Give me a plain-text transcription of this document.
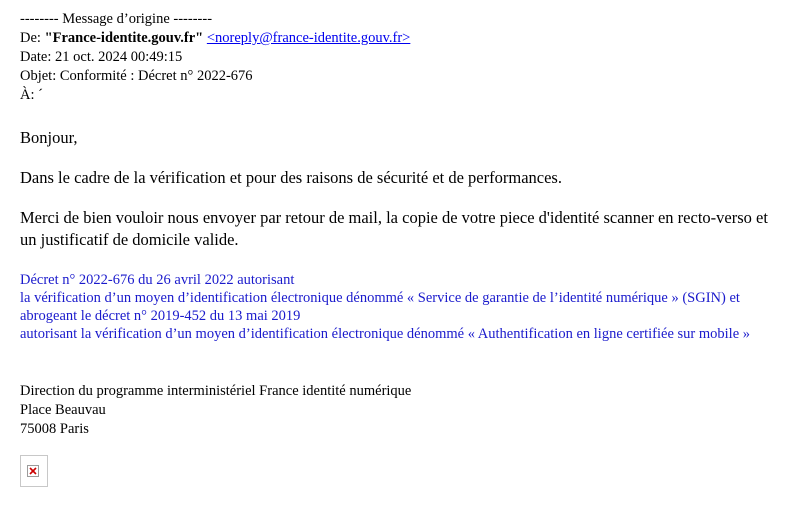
-------- Message d’origine --------
De: "France-identite.gouv.fr" <noreply@france-identite.gouv.fr>
Date: 21 oct. 2024 00:49:15
Objet: Conformité : Décret n° 2022-676
À: ´
Bonjour,
Dans le cadre de la vérification et pour des raisons de sécurité et de performances.
Merci de bien vouloir nous envoyer par retour de mail, la copie de votre piece d'identité scanner en recto-verso et un justificatif de domicile valide.
Décret n° 2022-676 du 26 avril 2022 autorisant
la vérification d’un moyen d’identification électronique dénommé « Service de garantie de l’identité numérique » (SGIN) et abrogeant le décret n° 2019-452 du 13 mai 2019
autorisant la vérification d’un moyen d’identification électronique dénommé « Authentification en ligne certifiée sur mobile »
Direction du programme interministériel France identité numérique
Place Beauvau
75008 Paris
